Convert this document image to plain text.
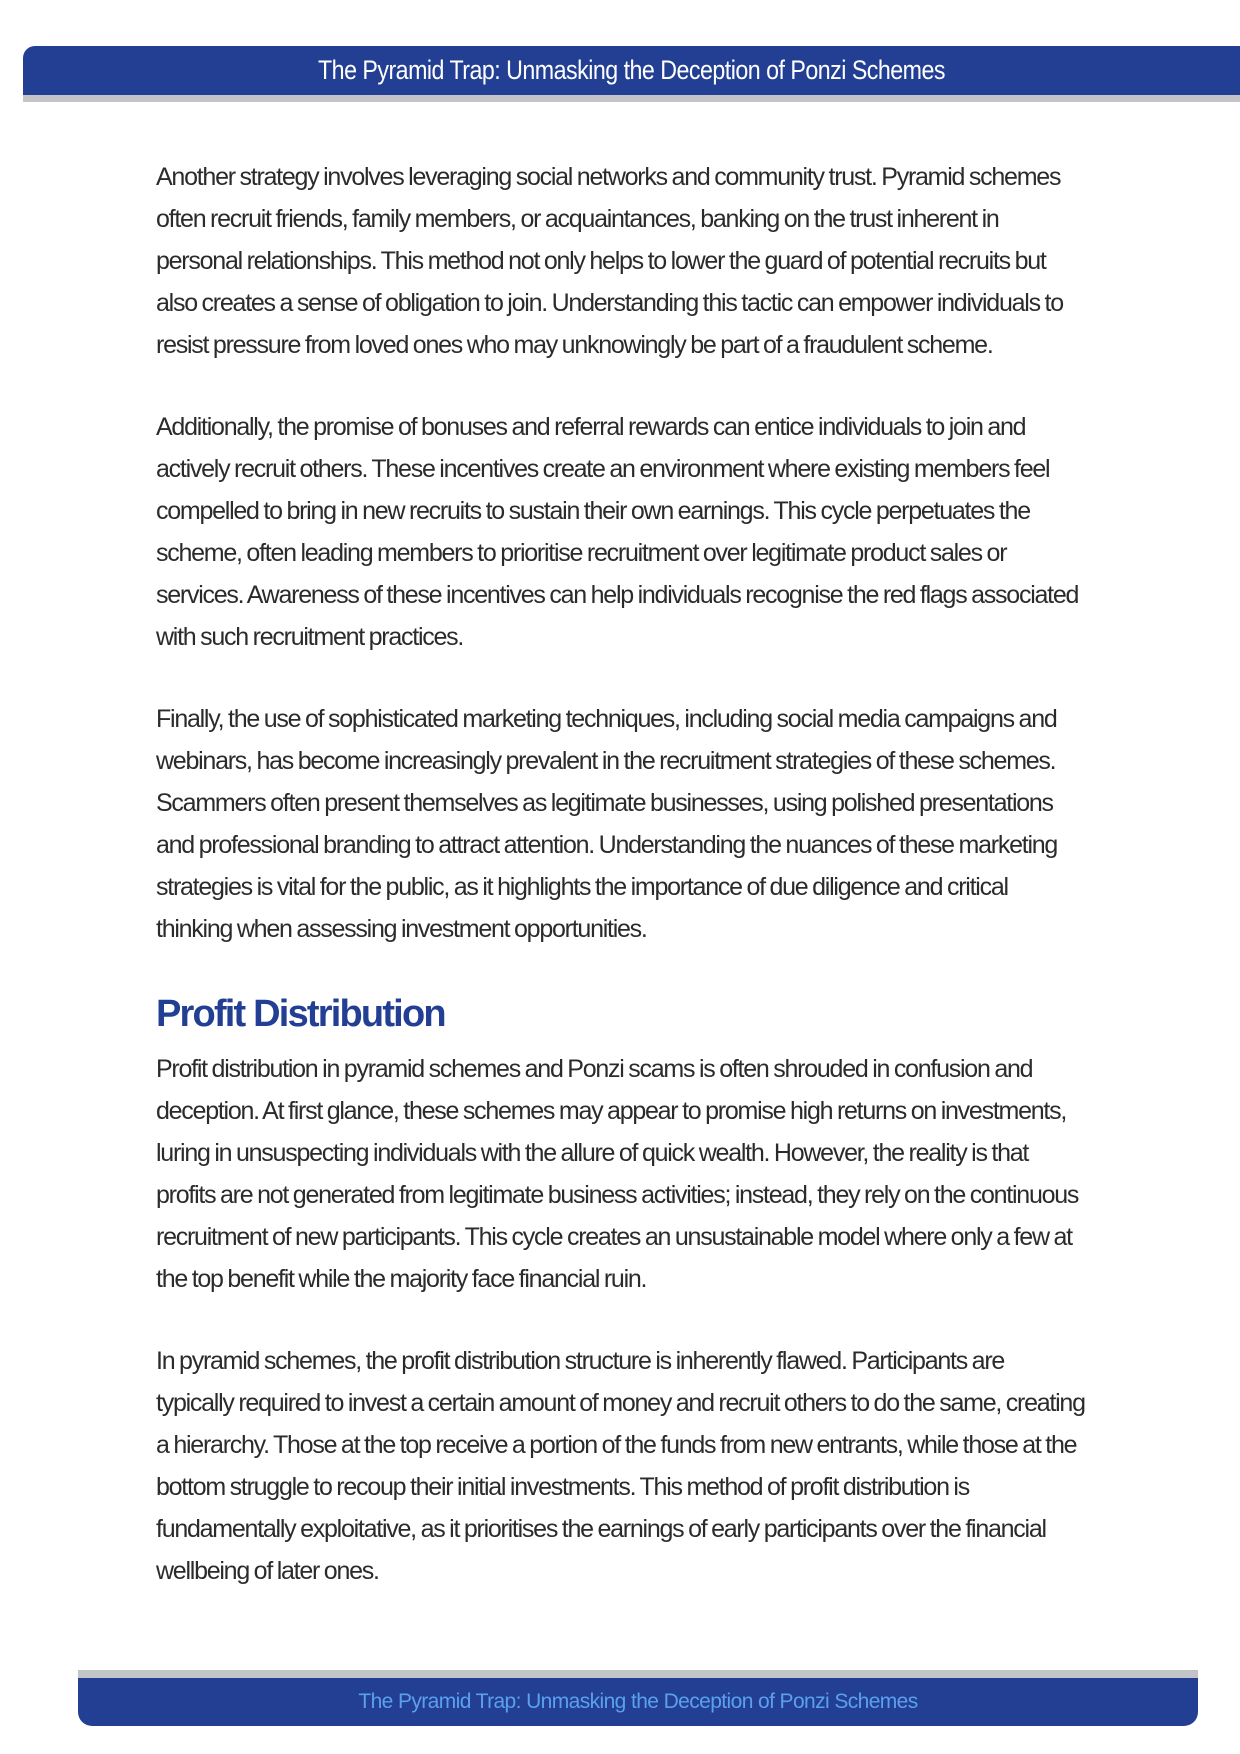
The Pyramid Trap: Unmasking the Deception of Ponzi Schemes

Another strategy involves leveraging social networks and community trust. Pyramid schemes often recruit friends, family members, or acquaintances, banking on the trust inherent in personal relationships. This method not only helps to lower the guard of potential recruits but also creates a sense of obligation to join. Understanding this tactic can empower individuals to resist pressure from loved ones who may unknowingly be part of a fraudulent scheme.

Additionally, the promise of bonuses and referral rewards can entice individuals to join and actively recruit others. These incentives create an environment where existing members feel compelled to bring in new recruits to sustain their own earnings. This cycle perpetuates the scheme, often leading members to prioritise recruitment over legitimate product sales or services. Awareness of these incentives can help individuals recognise the red flags associated with such recruitment practices.

Finally, the use of sophisticated marketing techniques, including social media campaigns and webinars, has become increasingly prevalent in the recruitment strategies of these schemes. Scammers often present themselves as legitimate businesses, using polished presentations and professional branding to attract attention. Understanding the nuances of these marketing strategies is vital for the public, as it highlights the importance of due diligence and critical thinking when assessing investment opportunities.

Profit Distribution

Profit distribution in pyramid schemes and Ponzi scams is often shrouded in confusion and deception. At first glance, these schemes may appear to promise high returns on investments, luring in unsuspecting individuals with the allure of quick wealth. However, the reality is that profits are not generated from legitimate business activities; instead, they rely on the continuous recruitment of new participants. This cycle creates an unsustainable model where only a few at the top benefit while the majority face financial ruin.

In pyramid schemes, the profit distribution structure is inherently flawed. Participants are typically required to invest a certain amount of money and recruit others to do the same, creating a hierarchy. Those at the top receive a portion of the funds from new entrants, while those at the bottom struggle to recoup their initial investments. This method of profit distribution is fundamentally exploitative, as it prioritises the earnings of early participants over the financial wellbeing of later ones.

The Pyramid Trap: Unmasking the Deception of Ponzi Schemes
